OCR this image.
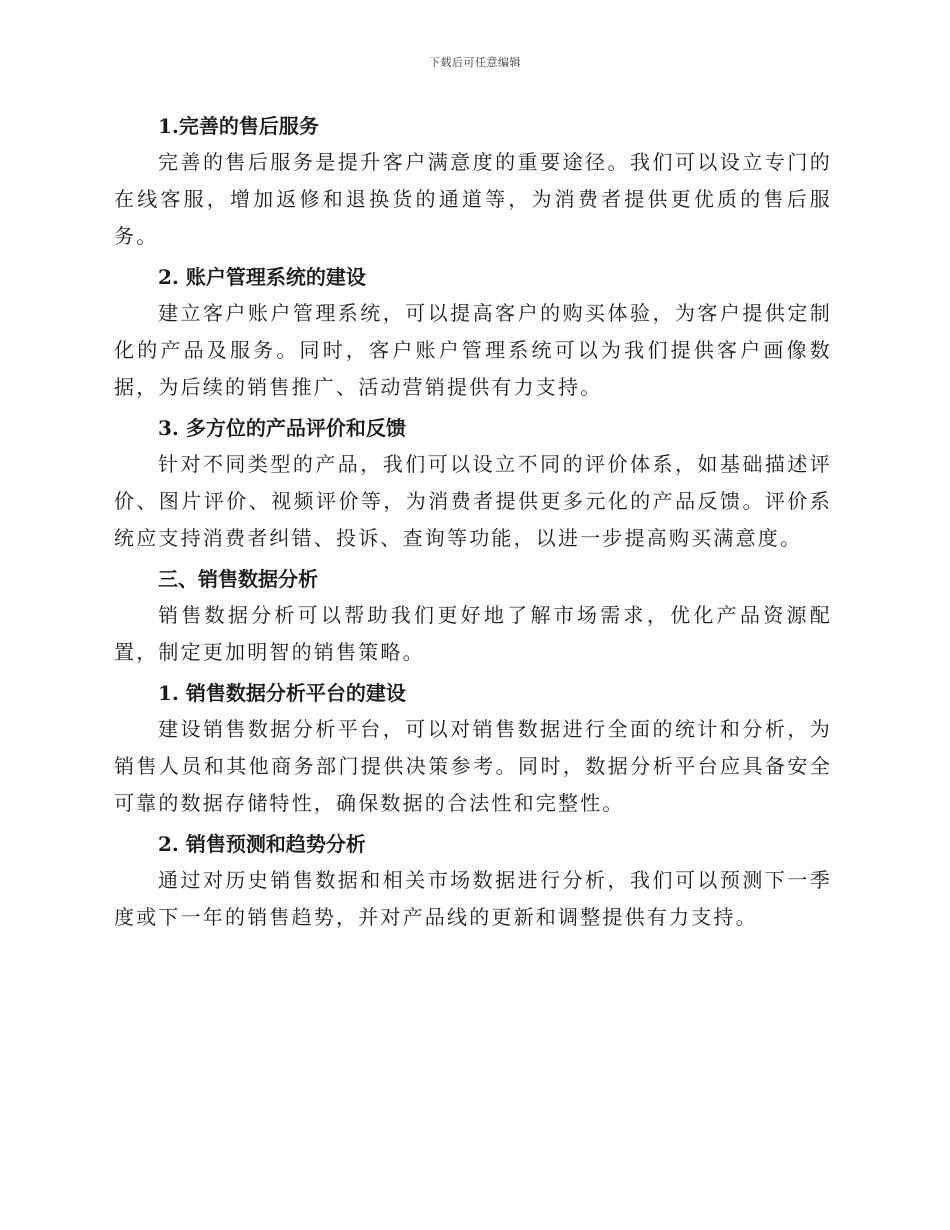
下载后可任意编辑

1.完善的售后服务

完善的售后服务是提升客户满意度的重要途径。我们可以设立专门的在线客服，增加返修和退换货的通道等，为消费者提供更优质的售后服务。

2. 账户管理系统的建设

建立客户账户管理系统，可以提高客户的购买体验，为客户提供定制化的产品及服务。同时，客户账户管理系统可以为我们提供客户画像数据，为后续的销售推广、活动营销提供有力支持。

3. 多方位的产品评价和反馈

针对不同类型的产品，我们可以设立不同的评价体系，如基础描述评价、图片评价、视频评价等，为消费者提供更多元化的产品反馈。评价系统应支持消费者纠错、投诉、查询等功能，以进一步提高购买满意度。

三、销售数据分析

销售数据分析可以帮助我们更好地了解市场需求，优化产品资源配置，制定更加明智的销售策略。

1. 销售数据分析平台的建设

建设销售数据分析平台，可以对销售数据进行全面的统计和分析，为销售人员和其他商务部门提供决策参考。同时，数据分析平台应具备安全可靠的数据存储特性，确保数据的合法性和完整性。

2. 销售预测和趋势分析

通过对历史销售数据和相关市场数据进行分析，我们可以预测下一季度或下一年的销售趋势，并对产品线的更新和调整提供有力支持。
